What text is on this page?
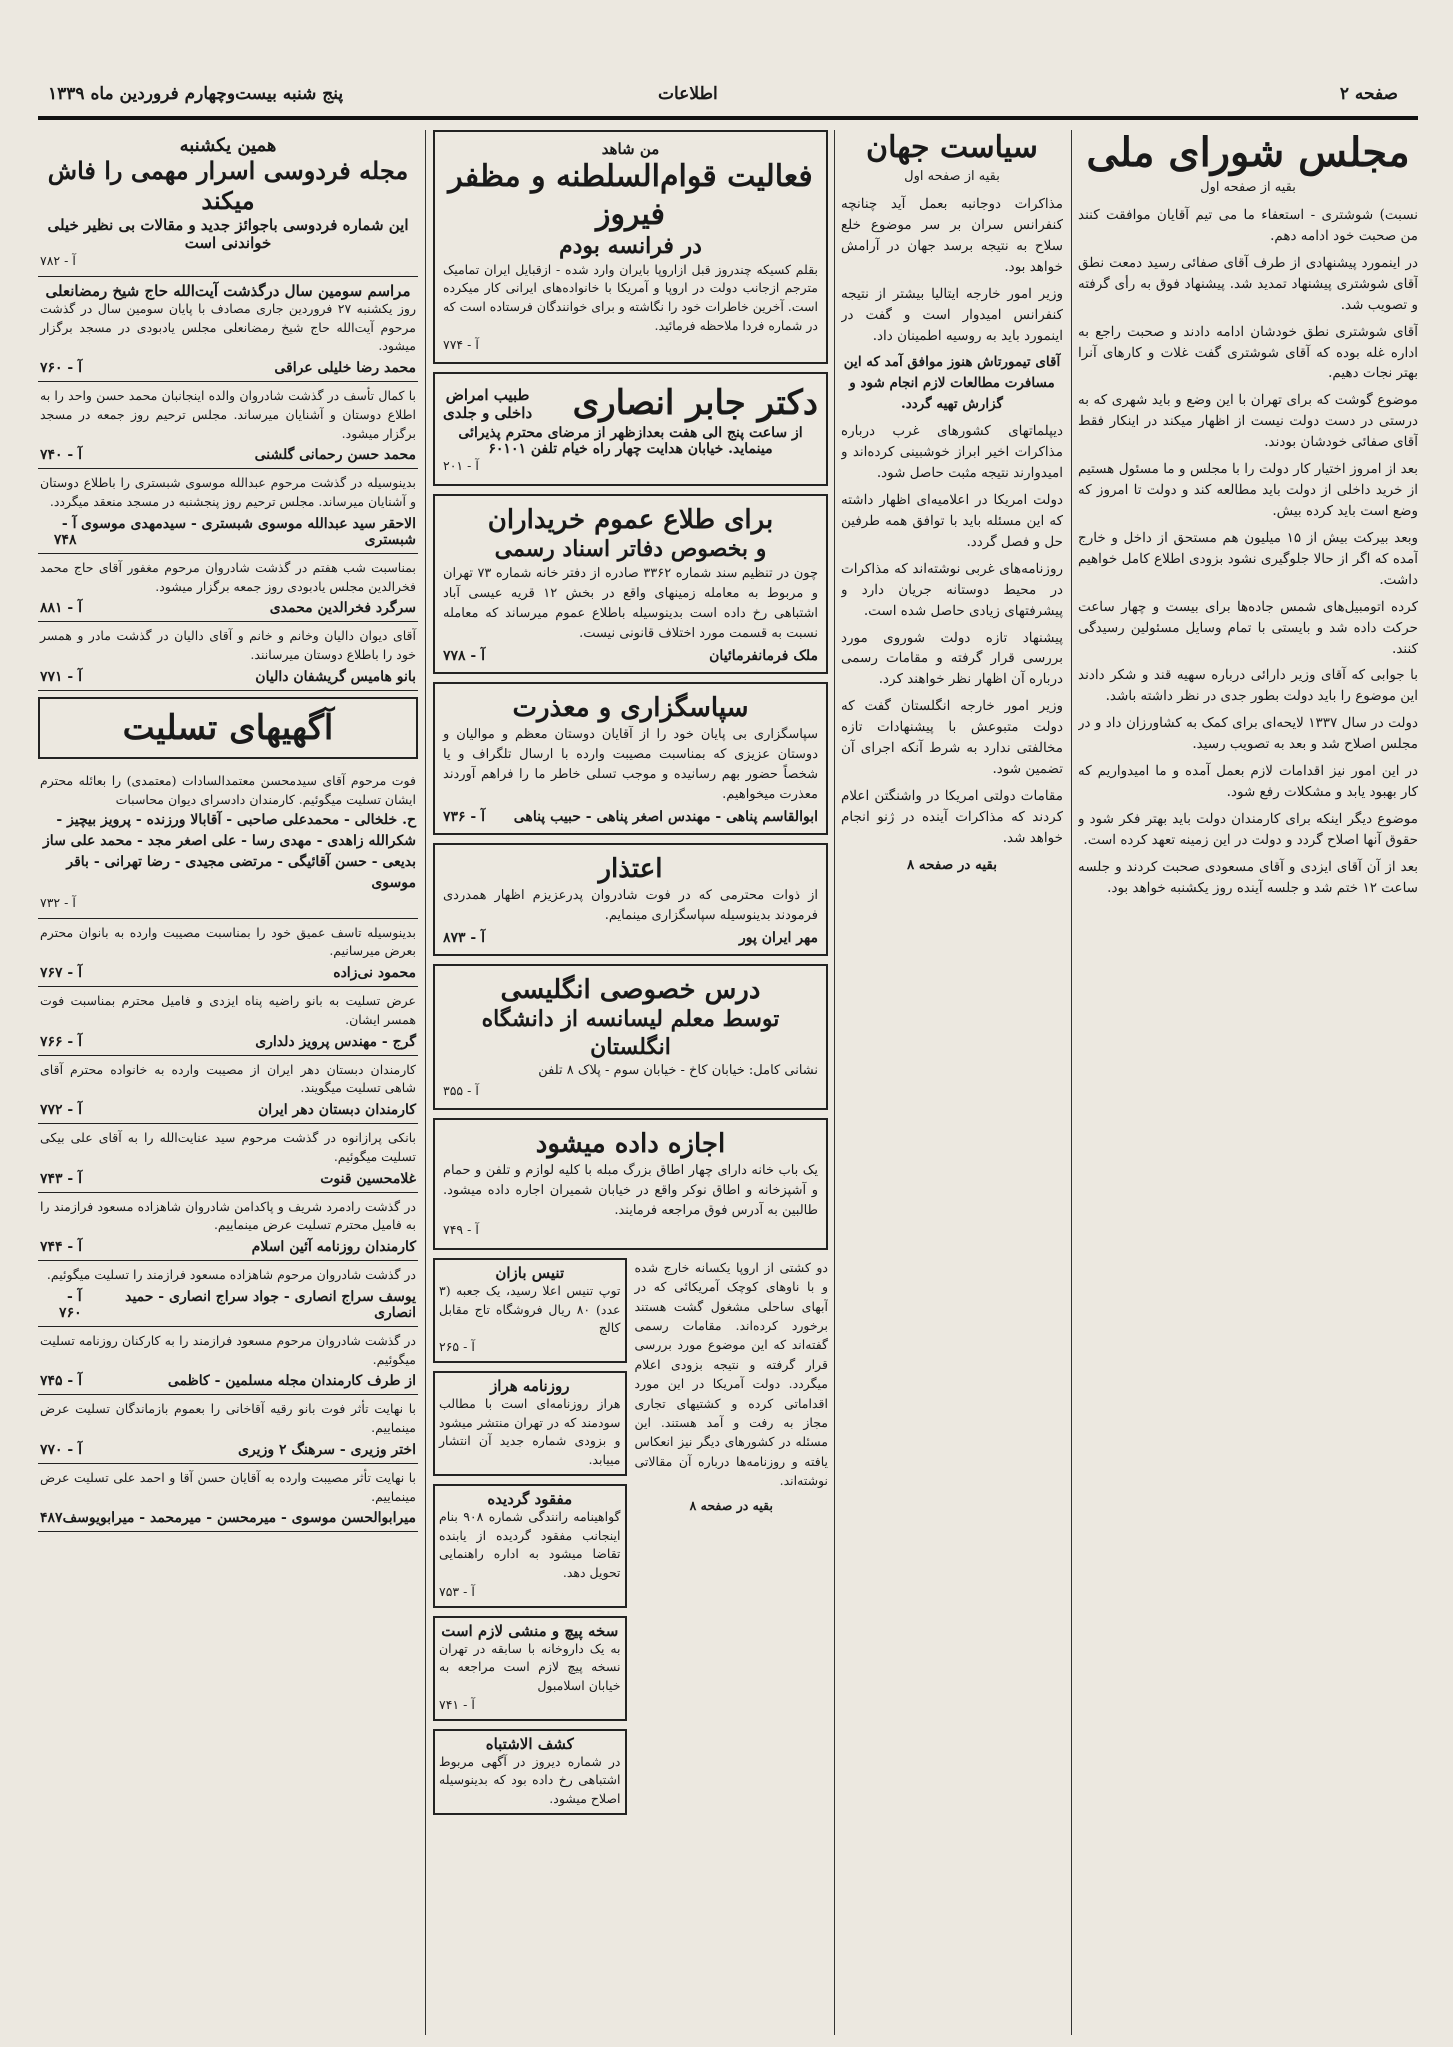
صفحه ۲
اطلاعات
پنج شنبه بیست‌وچهارم فروردین ماه ۱۳۳۹
مجلس شورای ملی
بقیه از صفحه اول

نسبت) شوشتری - استعفاء ما می تیم آقایان موافقت کنند من صحبت خود ادامه دهم.

در اینمورد پیشنهادی از طرف آقای صفائی رسید دمعت نطق آقای شوشتری پیشنهاد تمدید شد. پیشنهاد فوق به رأی گرفته و تصویب شد.

آقای شوشتری نطق خودشان ادامه دادند و صحبت راجع به اداره غله بوده که آقای شوشتری گفت غلات و کارهای آنرا بهتر نجات دهیم.

موضوع گوشت که برای تهران با این وضع و باید شهری که به درستی در دست دولت نیست از اظهار میکند در اینکار فقط آقای صفائی خودشان بودند.

بعد از امروز اختیار کار دولت را با مجلس و ما مسئول هستیم از خرید داخلی از دولت باید مطالعه کند و دولت تا امروز که وضع است باید کرده بیش.

وبعد بیرکت بیش از ۱۵ میلیون هم مستحق از داخل و خارج آمده که اگر از حالا جلوگیری نشود بزودی اطلاع کامل خواهیم داشت.

کرده اتومبیل‌های شمس جاده‌ها برای بیست و چهار ساعت حرکت داده شد و بایستی با تمام وسایل مسئولین رسیدگی کنند.

با جوابی که آقای وزیر دارائی درباره سهیه قند و شکر دادند این موضوع را باید دولت بطور جدی در نظر داشته باشد.

دولت در سال ۱۳۳۷ لایحه‌ای برای کمک به کشاورزان داد و در مجلس اصلاح شد و بعد به تصویب رسید.

در این امور نیز اقدامات لازم بعمل آمده و ما امیدواریم که کار بهبود یابد و مشکلات رفع شود.

موضوع دیگر اینکه برای کارمندان دولت باید بهتر فکر شود و حقوق آنها اصلاح گردد و دولت در این زمینه تعهد کرده است.

بعد از آن آقای ایزدی و آقای مسعودی صحبت کردند و جلسه ساعت ۱۲ ختم شد و جلسه آینده روز یکشنبه خواهد بود.

سیاست جهان
بقیه از صفحه اول

مذاکرات دوجانبه بعمل آید چنانچه کنفرانس سران بر سر موضوع خلع سلاح به نتیجه برسد جهان در آرامش خواهد بود.

وزیر امور خارجه ایتالیا بیشتر از نتیجه کنفرانس امیدوار است و گفت در اینمورد باید به روسیه اطمینان داد.

آقای تیمورتاش هنوز موافق آمد که این مسافرت مطالعات لازم انجام شود و گزارش تهیه گردد.

دیپلماتهای کشورهای غرب درباره مذاکرات اخیر ابراز خوشبینی کرده‌اند و امیدوارند نتیجه مثبت حاصل شود.

دولت امریکا در اعلامیه‌ای اظهار داشته که این مسئله باید با توافق همه طرفین حل و فصل گردد.

روزنامه‌های غربی نوشته‌اند که مذاکرات در محیط دوستانه جریان دارد و پیشرفتهای زیادی حاصل شده است.

پیشنهاد تازه دولت شوروی مورد بررسی قرار گرفته و مقامات رسمی درباره آن اظهار نظر خواهند کرد.

وزیر امور خارجه انگلستان گفت که دولت متبوعش با پیشنهادات تازه مخالفتی ندارد به شرط آنکه اجرای آن تضمین شود.

مقامات دولتی امریکا در واشنگتن اعلام کردند که مذاکرات آینده در ژنو انجام خواهد شد.

بقیه در صفحه ۸

من شاهد
فعالیت قوام‌السلطنه و مظفر فیروز
در فرانسه بودم
بقلم کسیکه چندروز قبل ازاروپا بایران وارد شده - ازقبایل ایران تمامیک مترجم ازجانب دولت در اروپا و آمریکا با خانواده‌های ایرانی کار میکرده است. آخرین خاطرات خود را نگاشته و برای خوانندگان فرستاده است که در شماره فردا ملاحظه فرمائید.
آ - ۷۷۴
دکتر جابر انصاری
طبیب امراض
داخلی و جلدی
از ساعت پنج الی هفت بعدازظهر از مرضای محترم پذیرائی
مینماید. خیابان هدایت چهار راه خیام تلفن ۶۰۱۰۱
آ - ۲۰۱
برای طلاع عموم خریداران
و بخصوص دفاتر اسناد رسمی
چون در تنظیم سند شماره ۳۳۶۲ صادره از دفتر خانه شماره ۷۳ تهران و مربوط به معامله زمینهای واقع در بخش ۱۲ قریه عیسی آباد اشتباهی رخ داده است بدینوسیله باطلاع عموم میرساند که معامله نسبت به قسمت مورد اختلاف قانونی نیست.
ملک فرمانفرمائیان
آ - ۷۷۸
سپاسگزاری و معذرت
سپاسگزاری بی پایان خود را از آقایان دوستان معظم و موالیان و دوستان عزیزی که بمناسبت مصیبت وارده با ارسال تلگراف و یا شخصاً حضور بهم رسانیده و موجب تسلی خاطر ما را فراهم آوردند معذرت میخواهیم.
ابوالقاسم پناهی - مهندس اصغر پناهی - حبیب پناهی
آ - ۷۳۶
اعتذار
از ذوات محترمی که در فوت شادروان پدرعزیزم اظهار همدردی فرمودند بدینوسیله سپاسگزاری مینمایم.
مهر ایران پور
آ - ۸۷۳
درس خصوصی انگلیسی
توسط معلم لیسانسه از دانشگاه انگلستان
نشانی کامل: خیابان کاخ - خیابان سوم - پلاک ۸ تلفن
آ - ۳۵۵
اجازه داده میشود
یک باب خانه دارای چهار اطاق بزرگ مبله با کلیه لوازم و تلفن و حمام و آشپزخانه و اطاق نوکر واقع در خیابان شمیران اجاره داده میشود. طالبین به آدرس فوق مراجعه فرمایند.
آ - ۷۴۹

دو کشتی از اروپا یکسانه خارج شده و با ناوهای کوچک آمریکائی که در آبهای ساحلی مشغول گشت هستند برخورد کرده‌اند. مقامات رسمی گفته‌اند که این موضوع مورد بررسی قرار گرفته و نتیجه بزودی اعلام میگردد. دولت آمریکا در این مورد اقداماتی کرده و کشتیهای تجاری مجاز به رفت و آمد هستند. این مسئله در کشورهای دیگر نیز انعکاس یافته و روزنامه‌ها درباره آن مقالاتی نوشته‌اند.

بقیه در صفحه ۸

تنیس بازان
توپ تنیس اعلا رسید، یک جعبه (۳ عدد) ۸۰ ریال فروشگاه تاج مقابل کالج
آ - ۲۶۵
روزنامه هراز
هراز روزنامه‌ای است با مطالب سودمند که در تهران منتشر میشود و بزودی شماره جدید آن انتشار مییابد.
مفقود گردیده
گواهینامه رانندگی شماره ۹۰۸ بنام اینجانب مفقود گردیده از یابنده تقاضا میشود به اداره راهنمایی تحویل دهد.
آ - ۷۵۳
سخه پیچ و منشی لازم است
به یک داروخانه با سابقه در تهران نسخه پیچ لازم است مراجعه به خیابان اسلامبول
آ - ۷۴۱
کشف الاشتباه
در شماره دیروز در آگهی مربوط اشتباهی رخ داده بود که بدینوسیله اصلاح میشود.
همین یکشنبه
مجله فردوسی اسرار مهمی را فاش میکند
این شماره فردوسی باجوائز جدید و مقالات بی نظیر خیلی خواندنی است
آ - ۷۸۲
مراسم سومین سال درگذشت آیت‌الله حاج شیخ رمضانعلی
روز یکشنبه ۲۷ فروردین جاری مصادف با پایان سومین سال در گذشت مرحوم آیت‌الله حاج شیخ رمضانعلی مجلس یادبودی در مسجد برگزار میشود.
محمد رضا خلیلی عراقی
آ - ۷۶۰
با کمال تأسف در گذشت شادروان والده اینجانبان محمد حسن واحد را به اطلاع دوستان و آشنایان میرساند. مجلس ترحیم روز جمعه در مسجد برگزار میشود.
محمد حسن رحمانی گلشنی
آ - ۷۴۰
بدینوسیله در گذشت مرحوم عبدالله موسوی شبستری را باطلاع دوستان و آشنایان میرساند. مجلس ترحیم روز پنجشنبه در مسجد منعقد میگردد.
الاحقر سید عبدالله موسوی شبستری - سیدمهدی موسوی شبستری
آ - ۷۴۸
بمناسبت شب هفتم در گذشت شادروان مرحوم مغفور آقای حاج محمد فخرالدین مجلس یادبودی روز جمعه برگزار میشود.
سرگرد فخرالدین محمدی
آ - ۸۸۱
آقای دیوان دالیان وخانم و خانم و آقای دالیان در گذشت مادر و همسر خود را باطلاع دوستان میرسانند.
بانو هامیس گریشفان دالیان
آ - ۷۷۱
آگهیهای تسلیت
فوت مرحوم آقای سیدمحسن معتمدالسادات (معتمدی) را بعائله محترم ایشان تسلیت میگوئیم. کارمندان دادسرای دیوان محاسبات
ح. خلخالی - محمدعلی صاحبی - آقابالا ورزنده - پرویز بیچیز - شکرالله زاهدی - مهدی رسا - علی اصغر مجد - محمد علی ساز بدیعی - حسن آقائیگی - مرتضی مجیدی - رضا تهرانی - باقر موسوی
آ - ۷۳۲
بدینوسیله تاسف عمیق خود را بمناسبت مصیبت وارده به بانوان محترم بعرض میرسانیم.
محمود نی‌زاده
آ - ۷۶۷
عرض تسلیت به بانو راضیه پناه ایزدی و فامیل محترم بمناسبت فوت همسر ایشان.
گرج - مهندس پرویز دلداری
آ - ۷۶۶
کارمندان دبستان دهر ایران از مصیبت وارده به خانواده محترم آقای شاهی تسلیت میگویند.
کارمندان دبستان دهر ایران
آ - ۷۷۲
بانکی پرازانوه در گذشت مرحوم سید عنایت‌الله را به آقای علی بیکی تسلیت میگوئیم.
غلامحسین قنوت
آ - ۷۴۳
در گذشت رادمرد شریف و پاکدامن شادروان شاهزاده مسعود فرازمند را به فامیل محترم تسلیت عرض مینماییم.
کارمندان روزنامه آئین اسلام
آ - ۷۴۴
در گذشت شادروان مرحوم شاهزاده مسعود فرازمند را تسلیت میگوئیم.
یوسف سراج انصاری - جواد سراج انصاری - حمید انصاری
آ - ۷۶۰
در گذشت شادروان مرحوم مسعود فرازمند را به کارکنان روزنامه تسلیت میگوئیم.
از طرف کارمندان مجله مسلمین - کاظمی
آ - ۷۴۵
با نهایت تأثر فوت بانو رقیه آقاخانی را بعموم بازماندگان تسلیت عرض مینماییم.
اختر وزیری - سرهنگ ۲ وزیری
آ - ۷۷۰
با نهایت تأثر مصیبت وارده به آقایان حسن آقا و احمد علی تسلیت عرض مینماییم.
میرابوالحسن موسوی - میرمحسن - میرمحمد - میرابویوسف
۴۸۷
